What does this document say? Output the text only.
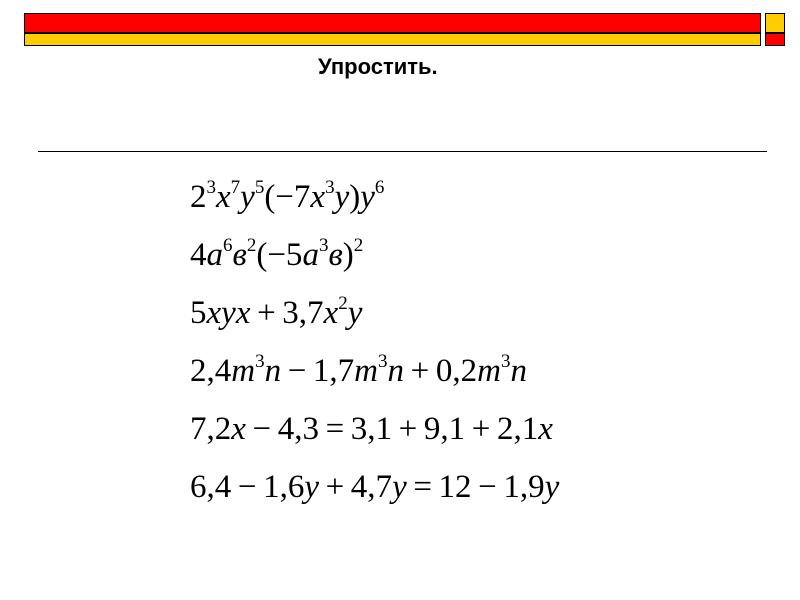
Упростить.
$2^3x^7y^5(-7x^3y)y^6$
$4a^6в^2(-5a^3в)^2$
$5xyx + 3,7x^2y$
$2,4m^3n - 1,7m^3n + 0,2m^3n$
7,2x − 4,3 = 3,1 + 9,1 + 2,1x
6,4 − 1,6y + 4,7y = 12 − 1,9y
